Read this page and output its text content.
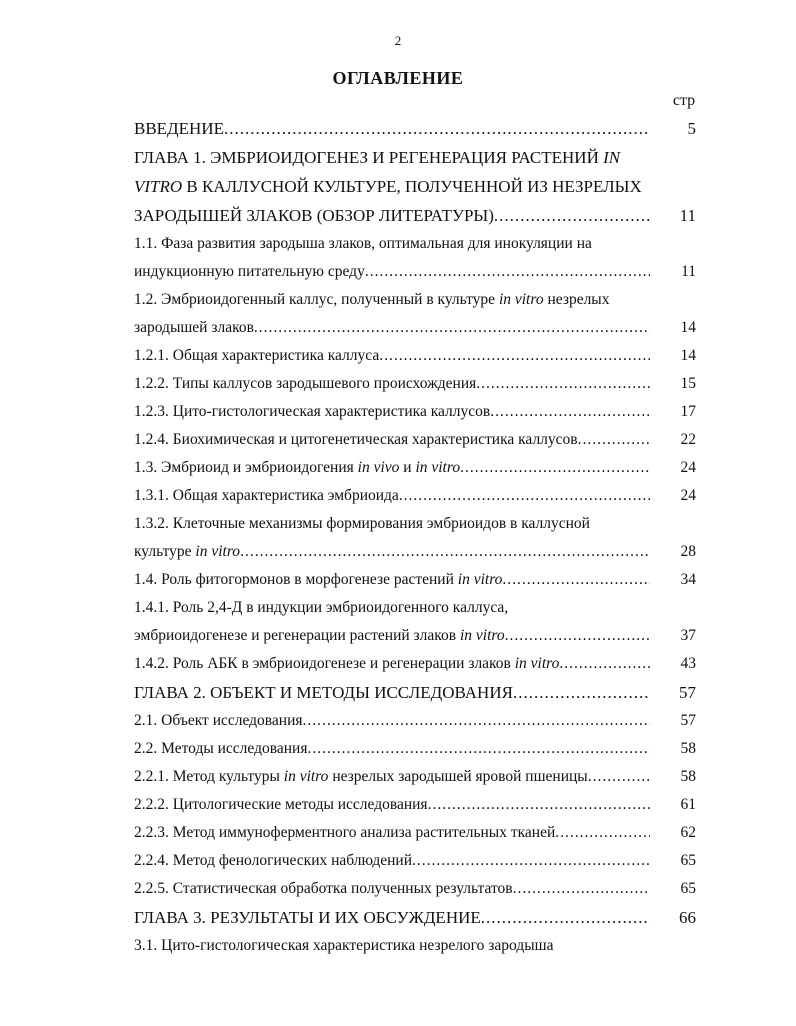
2
ОГЛАВЛЕНИЕ
стр
ВВЕДЕНИЕ .....	5
ГЛАВА 1. ЭМБРИОИДОГЕНЕЗ И РЕГЕНЕРАЦИЯ РАСТЕНИЙ IN
VITRO В КАЛЛУСНОЙ КУЛЬТУРЕ, ПОЛУЧЕННОЙ ИЗ НЕЗРЕЛЫХ
ЗАРОДЫШЕЙ ЗЛАКОВ (ОБЗОР ЛИТЕРАТУРЫ) .....	11
1.1. Фаза развития зародыша злаков, оптимальная для инокуляции на
индукционную питательную среду .....	11
1.2. Эмбриоидогенный каллус, полученный в культуре in vitro незрелых
зародышей злаков .....	14
1.2.1. Общая характеристика каллуса .....	14
1.2.2. Типы каллусов зародышевого происхождения .....	15
1.2.3. Цито-гистологическая характеристика каллусов .....	17
1.2.4. Биохимическая и цитогенетическая характеристика каллусов .....	22
1.3. Эмбриоид и эмбриоидогения in vivo и in vitro .....	24
1.3.1. Общая характеристика эмбриоида .....	24
1.3.2. Клеточные механизмы формирования эмбриоидов в каллусной
культуре in vitro .....	28
1.4. Роль фитогормонов в морфогенезе растений in vitro .....	34
1.4.1. Роль 2,4-Д в индукции эмбриоидогенного каллуса,
эмбриоидогенезе и регенерации растений злаков in vitro .....	37
1.4.2. Роль АБК в эмбриоидогенезе и регенерации злаков in vitro .....	43
ГЛАВА 2. ОБЪЕКТ И МЕТОДЫ ИССЛЕДОВАНИЯ .....	57
2.1. Объект исследования .....	57
2.2. Методы исследования .....	58
2.2.1. Метод культуры in vitro незрелых зародышей яровой пшеницы .....	58
2.2.2. Цитологические методы исследования .....	61
2.2.3. Метод иммуноферментного анализа растительных тканей .....	62
2.2.4. Метод фенологических наблюдений .....	65
2.2.5. Статистическая обработка полученных результатов .....	65
ГЛАВА 3. РЕЗУЛЬТАТЫ И ИХ ОБСУЖДЕНИЕ .....	66
3.1. Цито-гистологическая характеристика незрелого зародыша
